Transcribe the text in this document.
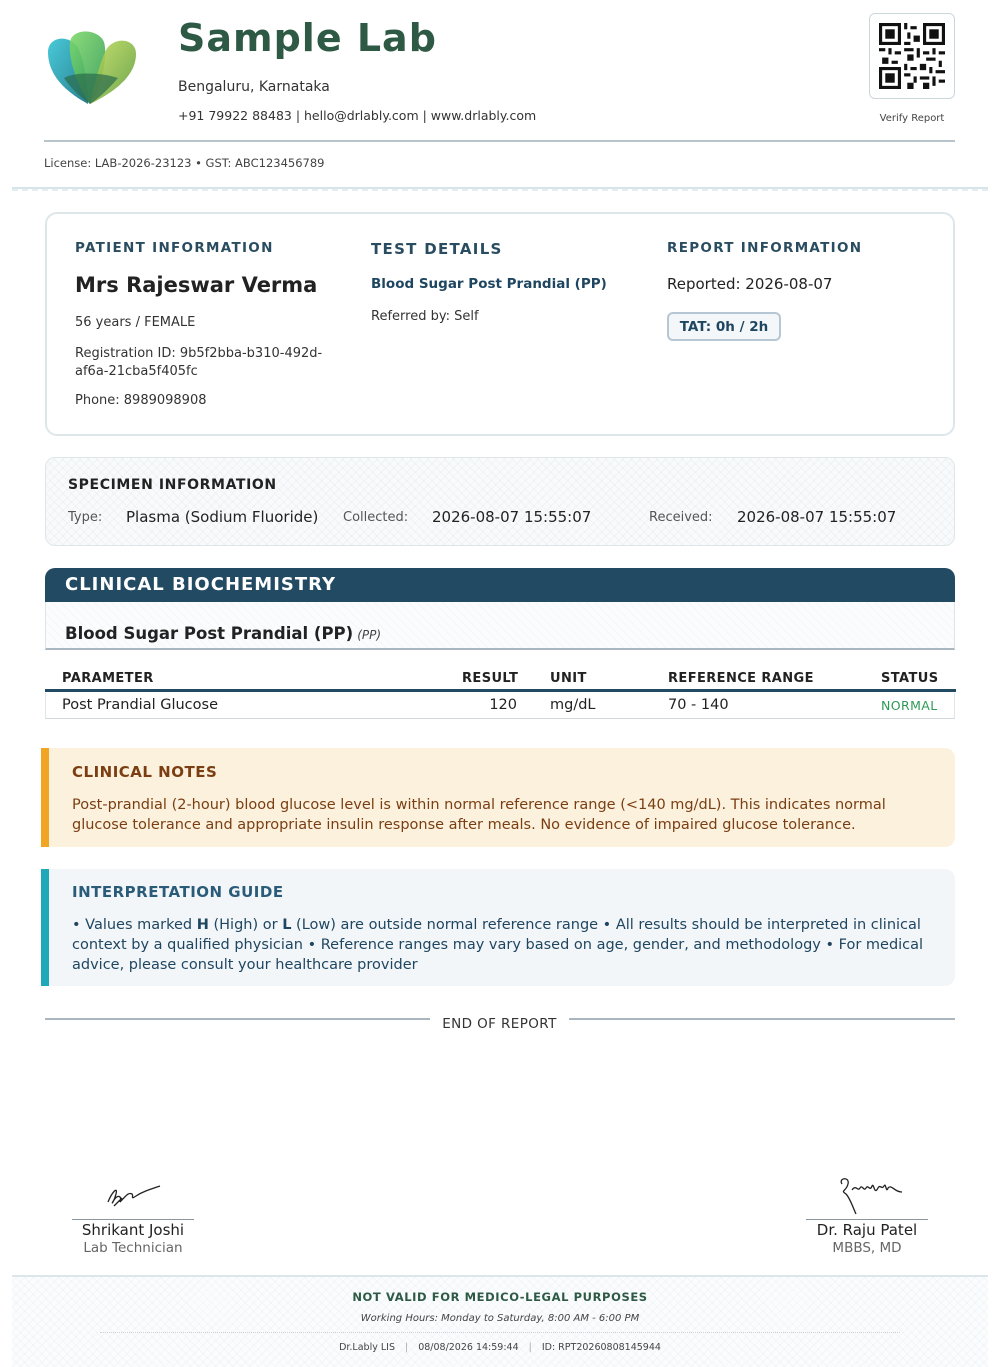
Sample Lab
Bengaluru, Karnataka
+91 79922 88483 | hello@drlably.com | www.drlably.com	Verify Report
License: LAB-2026-23123 • GST: ABC123456789
PATIENT INFORMATION
Mrs Rajeswar Verma
56 years / FEMALE
Registration ID: 9b5f2bba-b310-492d-
af6a-21cba5f405fc
Phone: 8989098908
TEST DETAILS
Blood Sugar Post Prandial (PP)
Referred by: Self
REPORT INFORMATION
Reported: 2026-08-07
TAT: 0h / 2h
SPECIMEN INFORMATION
Type: Plasma (Sodium Fluoride) Collected: 2026-08-07 15:55:07	Received: 2026-08-07 15:55:07
CLINICAL BIOCHEMISTRY
Blood Sugar Post Prandial (PP) (PP)
PARAMETER	RESULT UNIT	REFERENCE RANGE	STATUS
Post Prandial Glucose	120 mg/dL	70 - 140	NORMAL
CLINICAL NOTES
Post-prandial (2-hour) blood glucose level is within normal reference range (<140 mg/dL). This indicates normal glucose tolerance and appropriate insulin response after meals. No evidence of impaired glucose tolerance.
INTERPRETATION GUIDE
• Values marked H (High) or L (Low) are outside normal reference range • All results should be interpreted in clinical context by a qualified physician • Reference ranges may vary based on age, gender, and methodology • For medical advice, please consult your healthcare provider
END OF REPORT
Shrikant Joshi
Lab Technician
Dr. Raju Patel
MBBS, MD
NOT VALID FOR MEDICO-LEGAL PURPOSES
Working Hours: Monday to Saturday, 8:00 AM - 6:00 PM
Dr.Lably LIS | 08/08/2026 14:59:44 | ID: RPT20260808145944
